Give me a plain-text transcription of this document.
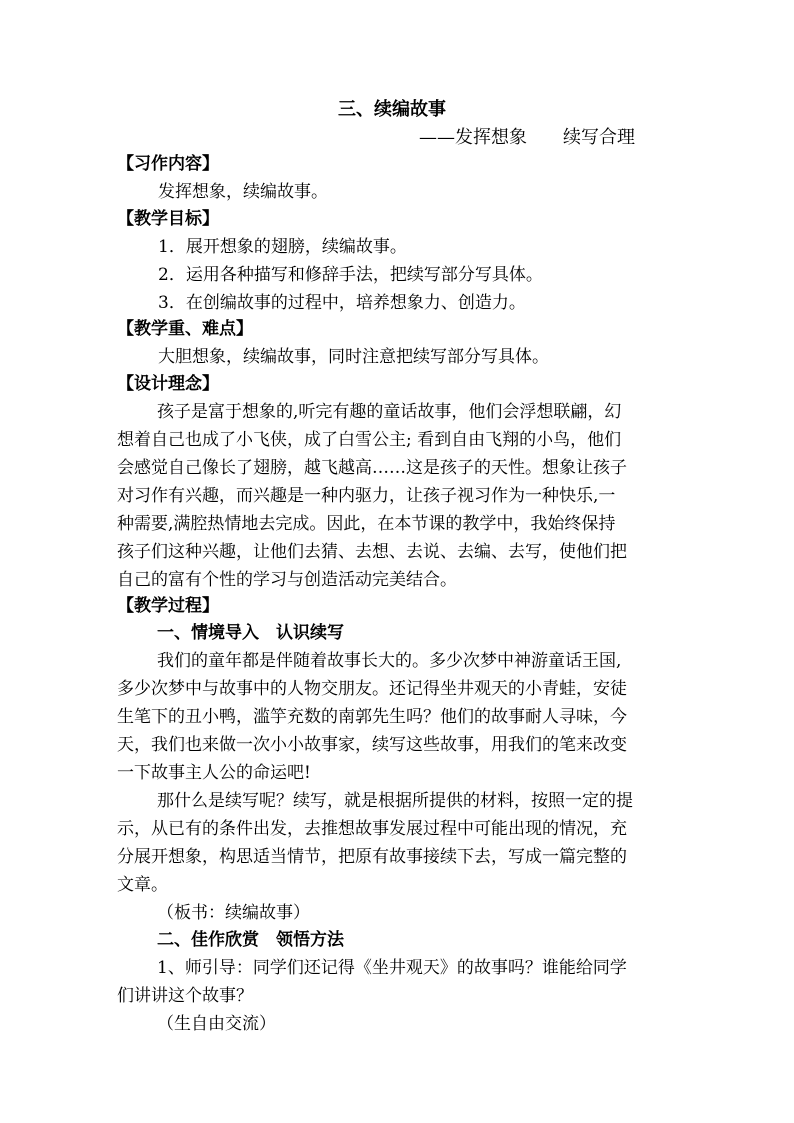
三、续编故事
——发挥想象　　续写合理
【习作内容】
发挥想象，续编故事。
【教学目标】
1．展开想象的翅膀，续编故事。
2．运用各种描写和修辞手法，把续写部分写具体。
3．在创编故事的过程中，培养想象力、创造力。
【教学重、难点】
大胆想象，续编故事，同时注意把续写部分写具体。
【设计理念】
孩子是富于想象的,听完有趣的童话故事，他们会浮想联翩，幻
想着自己也成了小飞侠，成了白雪公主; 看到自由飞翔的小鸟，他们
会感觉自己像长了翅膀，越飞越高……这是孩子的天性。想象让孩子
对习作有兴趣，而兴趣是一种内驱力，让孩子视习作为一种快乐,一
种需要,满腔热情地去完成。因此，在本节课的教学中，我始终保持
孩子们这种兴趣，让他们去猜、去想、去说、去编、去写，使他们把
自己的富有个性的学习与创造活动完美结合。
【教学过程】
一、情境导入　认识续写
我们的童年都是伴随着故事长大的。多少次梦中神游童话王国,
多少次梦中与故事中的人物交朋友。还记得坐井观天的小青蛙，安徒
生笔下的丑小鸭，滥竽充数的南郭先生吗？他们的故事耐人寻味，今
天，我们也来做一次小小故事家，续写这些故事，用我们的笔来改变
一下故事主人公的命运吧!
那什么是续写呢？续写，就是根据所提供的材料，按照一定的提
示，从已有的条件出发，去推想故事发展过程中可能出现的情况，充
分展开想象，构思适当情节，把原有故事接续下去，写成一篇完整的
文章。
（板书：续编故事）
二、佳作欣赏　领悟方法
1、师引导：同学们还记得《坐井观天》的故事吗？谁能给同学
们讲讲这个故事？
（生自由交流）
